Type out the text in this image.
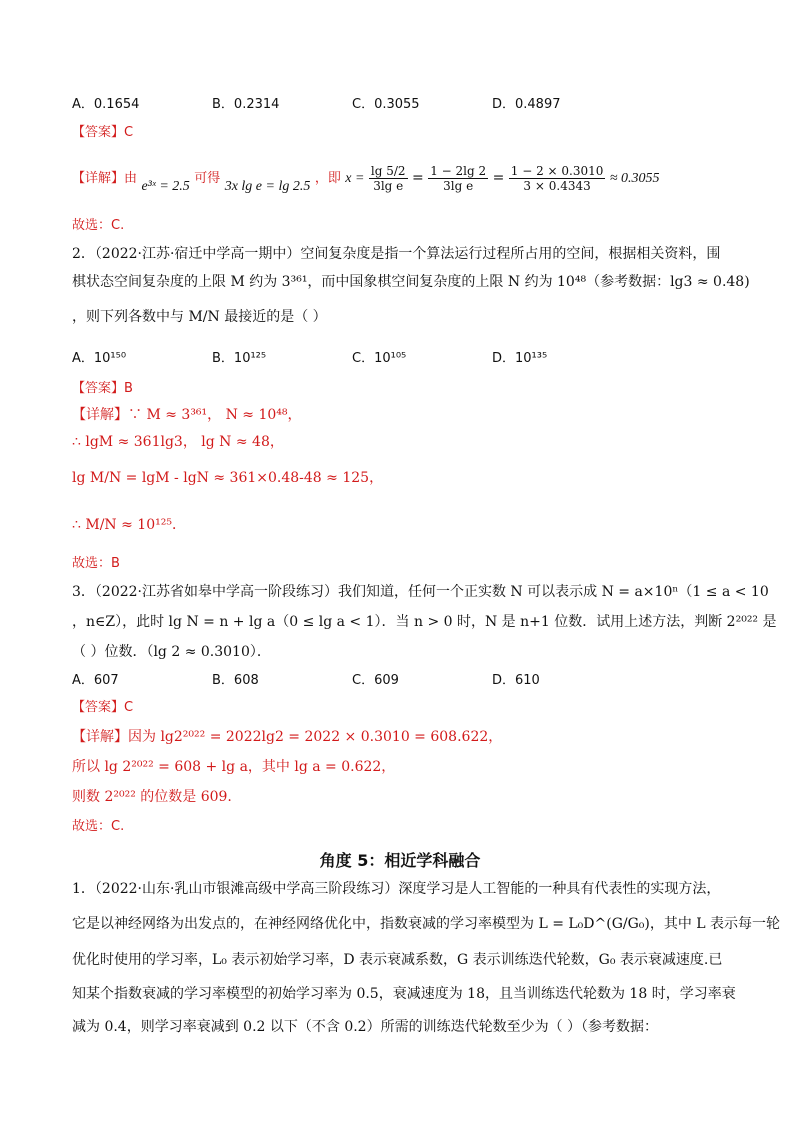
A．0.1654	B．0.2314	C．0.3055	D．0.4897
【答案】C
【详解】由 e³ˣ = 2.5 可得 3x lg e = lg 2.5 ，即 $x = \frac{\lg 5/2}{\text{3lg e}} = \frac{1 - 2\lg 2}{\text{3lg e}} = \frac{1 - 2 \times 0.3010}{3 \times 0.4343} \approx 0.3055$
故选：C.
2．（2022·江苏·宿迁中学高一期中）空间复杂度是指一个算法运行过程所占用的空间，根据相关资料，围
棋状态空间复杂度的上限 M 约为 3³⁶¹，而中国象棋空间复杂度的上限 N 约为 10⁴⁸（参考数据：lg3 ≈ 0.48)
，则下列各数中与 M/N 最接近的是（ ）
A．10¹⁵⁰	B．10¹²⁵	C．10¹⁰⁵	D．10¹³⁵
【答案】B
【详解】∵ M ≈ 3³⁶¹， N ≈ 10⁴⁸，
∴ lgM ≈ 361lg3， lg N ≈ 48，
lg M/N = lgM - lgN ≈ 361×0.48-48 ≈ 125，
∴ M/N ≈ 10¹²⁵．
故选：B
3．（2022·江苏省如皋中学高一阶段练习）我们知道，任何一个正实数 N 可以表示成 N = a×10ⁿ（1 ≤ a < 10
，n∈Z），此时 lg N = n + lg a（0 ≤ lg a < 1）．当 n > 0 时，N 是 n+1 位数．试用上述方法，判断 2²⁰²² 是
（ ）位数．（lg 2 ≈ 0.3010）．
A．607	B．608	C．609	D．610
【答案】C
【详解】因为 lg2²⁰²² = 2022lg2 = 2022 × 0.3010 = 608.622，
所以 lg 2²⁰²² = 608 + lg a，其中 lg a = 0.622，
则数 2²⁰²² 的位数是 609.
故选：C.
角度 5：相近学科融合
1．（2022·山东·乳山市银滩高级中学高三阶段练习）深度学习是人工智能的一种具有代表性的实现方法，
它是以神经网络为出发点的，在神经网络优化中，指数衰减的学习率模型为 L = L₀D^(G/G₀)，其中 L 表示每一轮
优化时使用的学习率，L₀ 表示初始学习率，D 表示衰减系数，G 表示训练迭代轮数，G₀ 表示衰减速度.已
知某个指数衰减的学习率模型的初始学习率为 0.5，衰减速度为 18，且当训练迭代轮数为 18 时，学习率衰
减为 0.4，则学习率衰减到 0.2 以下（不含 0.2）所需的训练迭代轮数至少为（ ）（参考数据：
